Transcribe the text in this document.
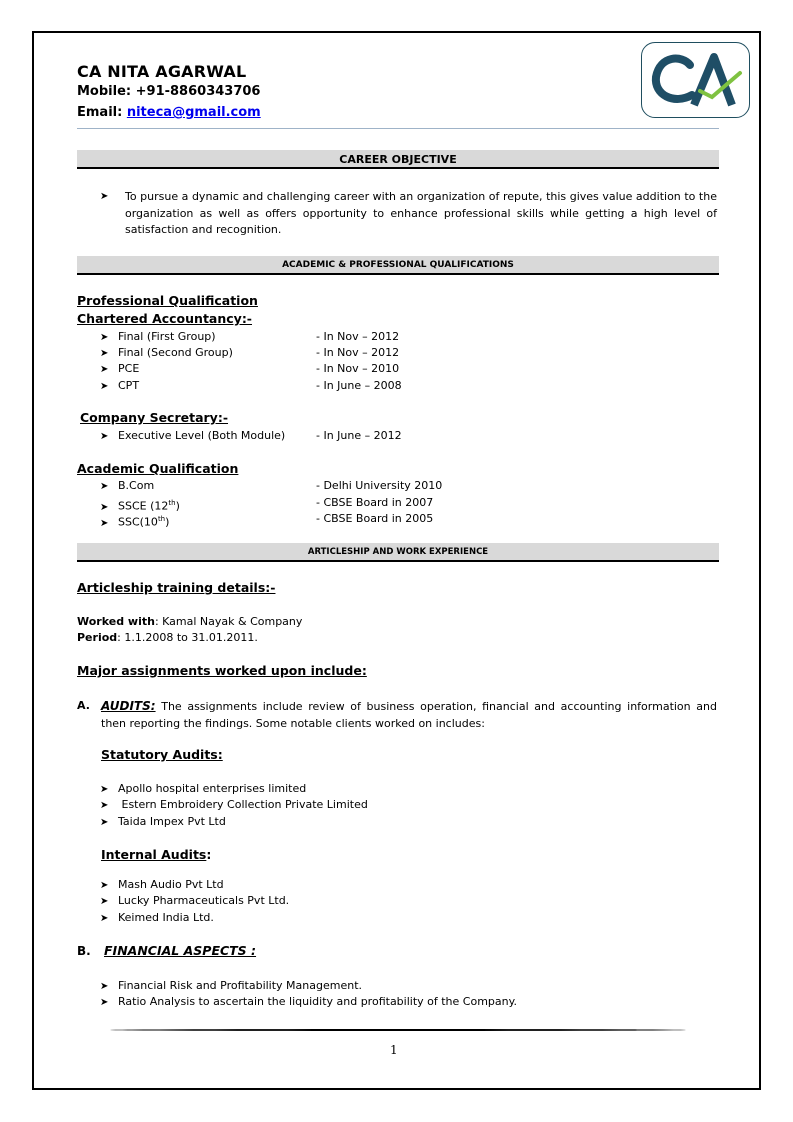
CA NITA AGARWAL
Mobile: +91-8860343706
Email: niteca@gmail.com
CAREER OBJECTIVE
➤ To pursue a dynamic and challenging career with an organization of repute, this gives value addition to the organization as well as offers opportunity to enhance professional skills while getting a high level of satisfaction and recognition.
ACADEMIC & PROFESSIONAL QUALIFICATIONS
Professional Qualification
Chartered Accountancy:-
➤ Final (First Group)	- In Nov – 2012
➤ Final (Second Group)	- In Nov – 2012
➤ PCE	- In Nov – 2010
➤ CPT	- In June – 2008
Company Secretary:-
➤ Executive Level (Both Module)	- In June – 2012
Academic Qualification
➤ B.Com	- Delhi University 2010
➤ SSCE (12th)	- CBSE Board in 2007
➤ SSC(10th)	- CBSE Board in 2005
ARTICLESHIP AND WORK EXPERIENCE
Articleship training details:-
Worked with: Kamal Nayak & Company
Period: 1.1.2008 to 31.01.2011.
Major assignments worked upon include:
A. AUDITS: The assignments include review of business operation, financial and accounting information and then reporting the findings. Some notable clients worked on includes:
Statutory Audits:
➤ Apollo hospital enterprises limited
➤ Estern Embroidery Collection Private Limited
➤ Taida Impex Pvt Ltd
Internal Audits:
➤ Mash Audio Pvt Ltd
➤ Lucky Pharmaceuticals Pvt Ltd.
➤ Keimed India Ltd.
B. FINANCIAL ASPECTS :
➤ Financial Risk and Profitability Management.
➤ Ratio Analysis to ascertain the liquidity and profitability of the Company.
1
